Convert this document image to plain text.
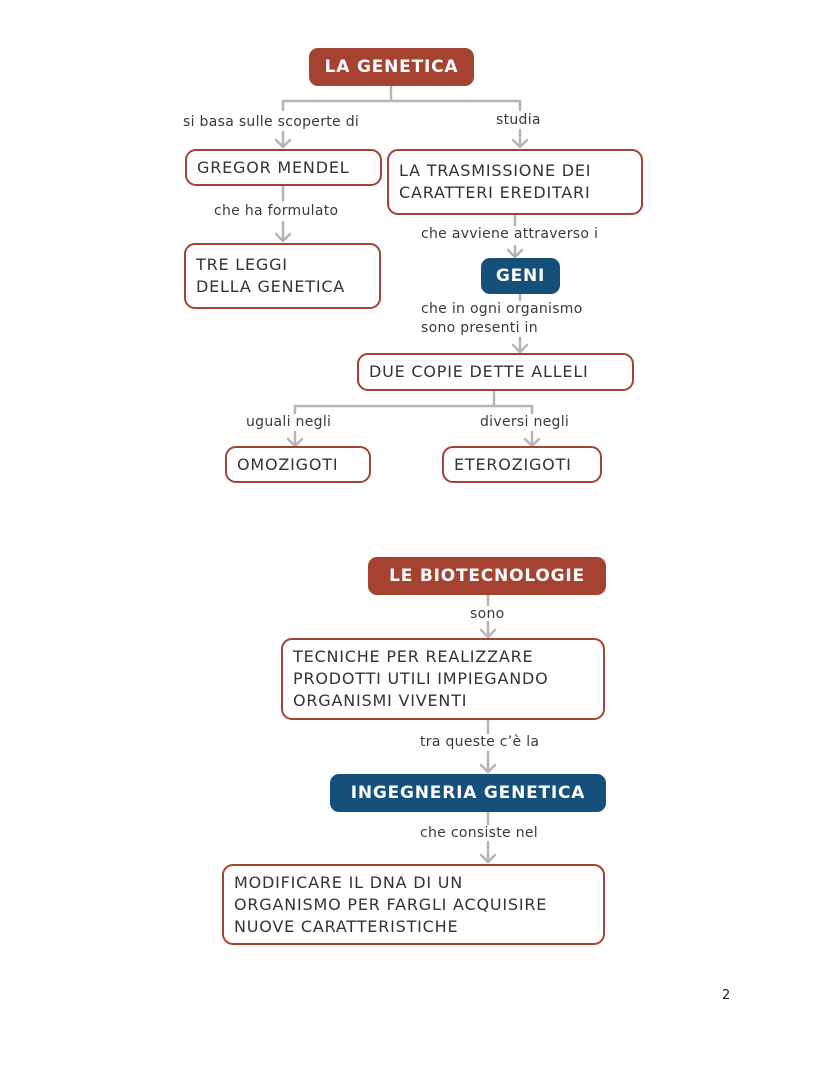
LA GENETICA
si basa sulle scoperte di	studia
GREGOR MENDEL
che ha formulato
TRE LEGGI
DELLA GENETICA
LA TRASMISSIONE DEI
CARATTERI EREDITARI
che avviene attraverso i
GENI
che in ogni organismo
sono presenti in
DUE COPIE DETTE ALLELI
uguali negli	diversi negli
OMOZIGOTI	ETEROZIGOTI
LE BIOTECNOLOGIE
sono
TECNICHE PER REALIZZARE
PRODOTTI UTILI IMPIEGANDO
ORGANISMI VIVENTI
tra queste c’è la
INGEGNERIA GENETICA
che consiste nel
MODIFICARE IL DNA DI UN
ORGANISMO PER FARGLI ACQUISIRE
NUOVE CARATTERISTICHE
2
